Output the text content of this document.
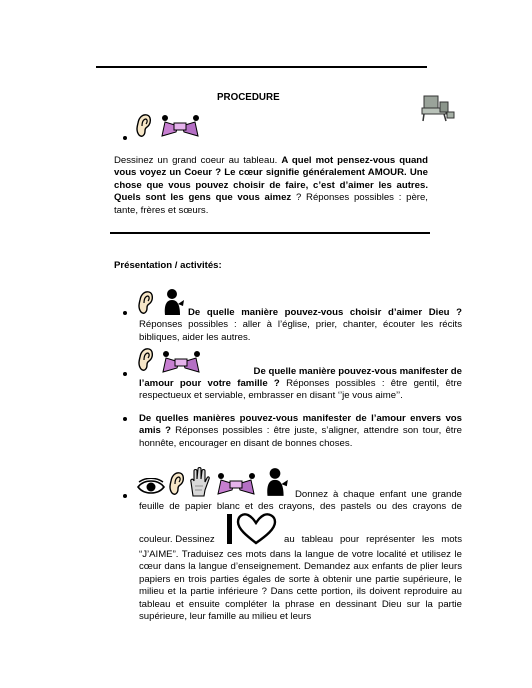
PROCEDURE
Dessinez un grand coeur au tableau. A quel mot pensez-vous quand vous voyez un Coeur ? Le cœur signifie généralement AMOUR. Une chose que vous pouvez choisir de faire, c’est d’aimer les autres. Quels sont les gens que vous aimez ? Réponses possibles : père, tante, frères et sœurs.
Présentation / activités:
De quelle manière pouvez-vous choisir d’aimer Dieu ? Réponses possibles : aller à l’église, prier, chanter, écouter les récits bibliques, aider les autres.
De quelle manière pouvez-vous manifester de
l’amour pour votre famille ? Réponses possibles : être gentil, être respectueux et serviable, embrasser en disant ‘’je vous aime’’.
De quelles manières pouvez-vous manifester de l’amour envers vos amis ? Réponses possibles : être juste, s’aligner, attendre son tour, être honnête, encourager en disant de bonnes choses.
Donnez à chaque enfant une grande
feuille de papier blanc et des crayons, des pastels ou des crayons de
couleur. Dessinez	au tableau pour représenter les mots
“J’AIME”. Traduisez ces mots dans la langue de votre localité et utilisez le cœur dans la langue d’enseignement. Demandez aux enfants de plier leurs papiers en trois parties égales de sorte à obtenir une partie supérieure, le milieu et la partie inférieure ? Dans cette portion, ils doivent reproduire au tableau et ensuite compléter la phrase en dessinant Dieu sur la partie supérieure, leur famille au milieu et leurs
